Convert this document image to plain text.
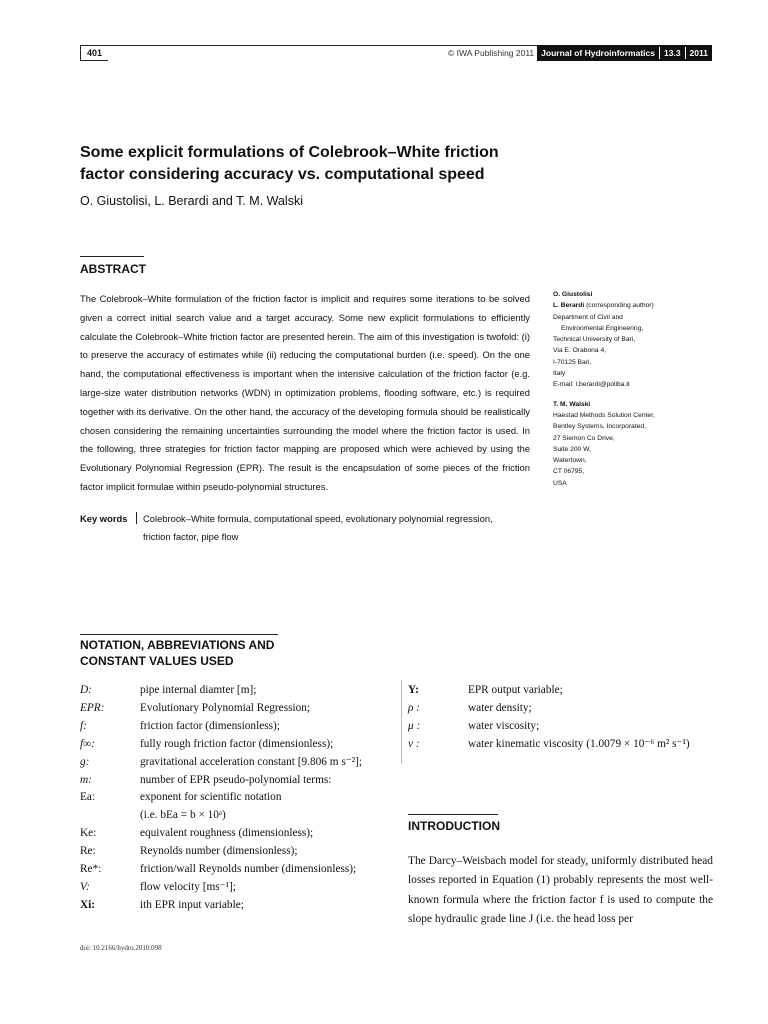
401	© IWA Publishing 2011 Journal of Hydroinformatics 13.3 2011
Some explicit formulations of Colebrook–White friction
factor considering accuracy vs. computational speed
O. Giustolisi, L. Berardi and T. M. Walski
ABSTRACT
The Colebrook–White formulation of the friction factor is implicit and requires some iterations to be solved given a correct initial search value and a target accuracy. Some new explicit formulations to efficiently calculate the Colebrook–White friction factor are presented herein. The aim of this investigation is twofold: (i) to preserve the accuracy of estimates while (ii) reducing the computational burden (i.e. speed). On the one hand, the computational effectiveness is important when the intensive calculation of the friction factor (e.g. large-size water distribution networks (WDN) in optimization problems, flooding software, etc.) is required together with its derivative. On the other hand, the accuracy of the developing formula should be realistically chosen considering the remaining uncertainties surrounding the model where the friction factor is used. In the following, three strategies for friction factor mapping are proposed which were achieved by using the Evolutionary Polynomial Regression (EPR). The result is the encapsulation of some pieces of the friction factor implicit formulae within pseudo-polynomial structures.
Key words	Colebrook–White formula, computational speed, evolutionary polynomial regression,
friction factor, pipe flow
O. Giustolisi
L. Berardi (corresponding author)
Department of Civil and
Environmental Engineering,
Technical University of Bari,
Via E. Orabona 4,
I-70125 Bari,
Italy
E-mail: l.berardi@poliba.it
T. M. Walski
Haestad Methods Solution Center,
Bentley Systems, Incorporated,
27 Siemon Co Drive,
Suite 200 W,
Watertown,
CT 06795,
USA
NOTATION, ABBREVIATIONS AND
CONSTANT VALUES USED
D:	pipe internal diamter [m];
EPR:	Evolutionary Polynomial Regression;
f:	friction factor (dimensionless);
f∞:	fully rough friction factor (dimensionless);
g:	gravitational acceleration constant [9.806 m s⁻²];
m:	number of EPR pseudo-polynomial terms:
Ea:	exponent for scientific notation
(i.e. bEa = b × 10ᵃ)
Ke:	equivalent roughness (dimensionless);
Re:	Reynolds number (dimensionless);
Re*:	friction/wall Reynolds number (dimensionless);
V:	flow velocity [ms⁻¹];
Xi:	ith EPR input variable;
Y:	EPR output variable;
ρ :	water density;
μ :	water viscosity;
ν :	water kinematic viscosity (1.0079 × 10⁻⁶ m² s⁻¹)
INTRODUCTION
The Darcy–Weisbach model for steady, uniformly distributed head losses reported in Equation (1) probably represents the most well-known formula where the friction factor f is used to compute the slope hydraulic grade line J (i.e. the head loss per
doi: 10.2166/hydro.2010.098
